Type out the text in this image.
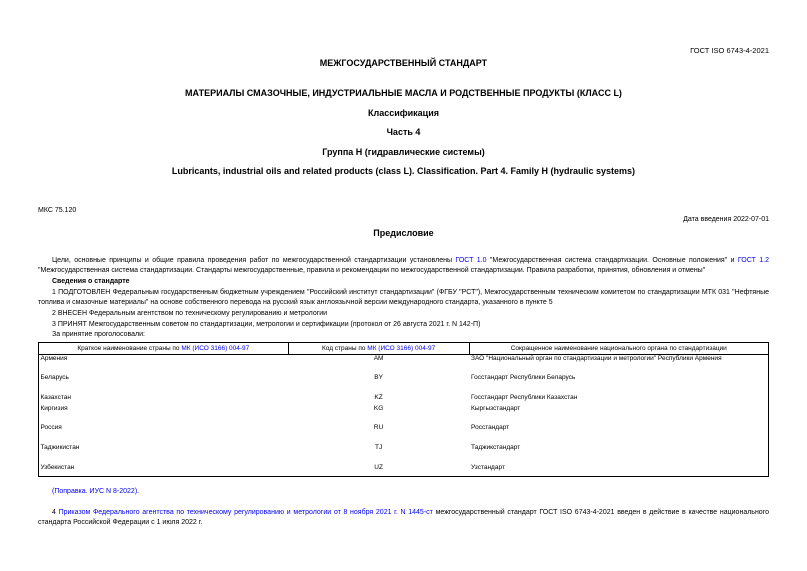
ГОСТ ISO 6743-4-2021
МЕЖГОСУДАРСТВЕННЫЙ СТАНДАРТ
МАТЕРИАЛЫ СМАЗОЧНЫЕ, ИНДУСТРИАЛЬНЫЕ МАСЛА И РОДСТВЕННЫЕ ПРОДУКТЫ (КЛАСС L)
Классификация
Часть 4
Группа H (гидравлические системы)
Lubricants, industrial oils and related products (class L). Classification. Part 4. Family H (hydraulic systems)
МКС 75.120
Дата введения 2022-07-01
Предисловие
Цели, основные принципы и общие правила проведения работ по межгосударственной стандартизации установлены ГОСТ 1.0 "Межгосударственная система стандартизации. Основные положения" и ГОСТ 1.2 "Межгосударственная система стандартизации. Стандарты межгосударственные, правила и рекомендации по межгосударственной стандартизации. Правила разработки, принятия, обновления и отмены"
Сведения о стандарте
1 ПОДГОТОВЛЕН Федеральным государственным бюджетным учреждением "Российский институт стандартизации" (ФГБУ "РСТ"), Межгосударственным техническим комитетом по стандартизации МТК 031 "Нефтяные топлива и смазочные материалы" на основе собственного перевода на русский язык англоязычной версии международного стандарта, указанного в пункте 5
2 ВНЕСЕН Федеральным агентством по техническому регулированию и метрологии
3 ПРИНЯТ Межгосударственным советом по стандартизации, метрологии и сертификации (протокол от 26 августа 2021 г. N 142-П)
За принятие проголосовали:
Краткое наименование страны по МК (ИСО 3166) 004-97	Код страны по МК (ИСО 3166) 004-97	Сокращенное наименование национального органа по стандартизации
Армения	AM	ЗАО "Национальный орган по стандартизации и метрологии" Республики Армения
Беларусь	BY	Госстандарт Республики Беларусь
Казахстан	KZ	Госстандарт Республики Казахстан
Киргизия	KG	Кыргызстандарт
Россия	RU	Росстандарт
Таджикистан	TJ	Таджикстандарт
Узбекистан	UZ	Узстандарт
(Поправка. ИУС N 8-2022).
4 Приказом Федерального агентства по техническому регулированию и метрологии от 8 ноября 2021 г. N 1445-ст межгосударственный стандарт ГОСТ ISO 6743-4-2021 введен в действие в качестве национального стандарта Российской Федерации с 1 июля 2022 г.
